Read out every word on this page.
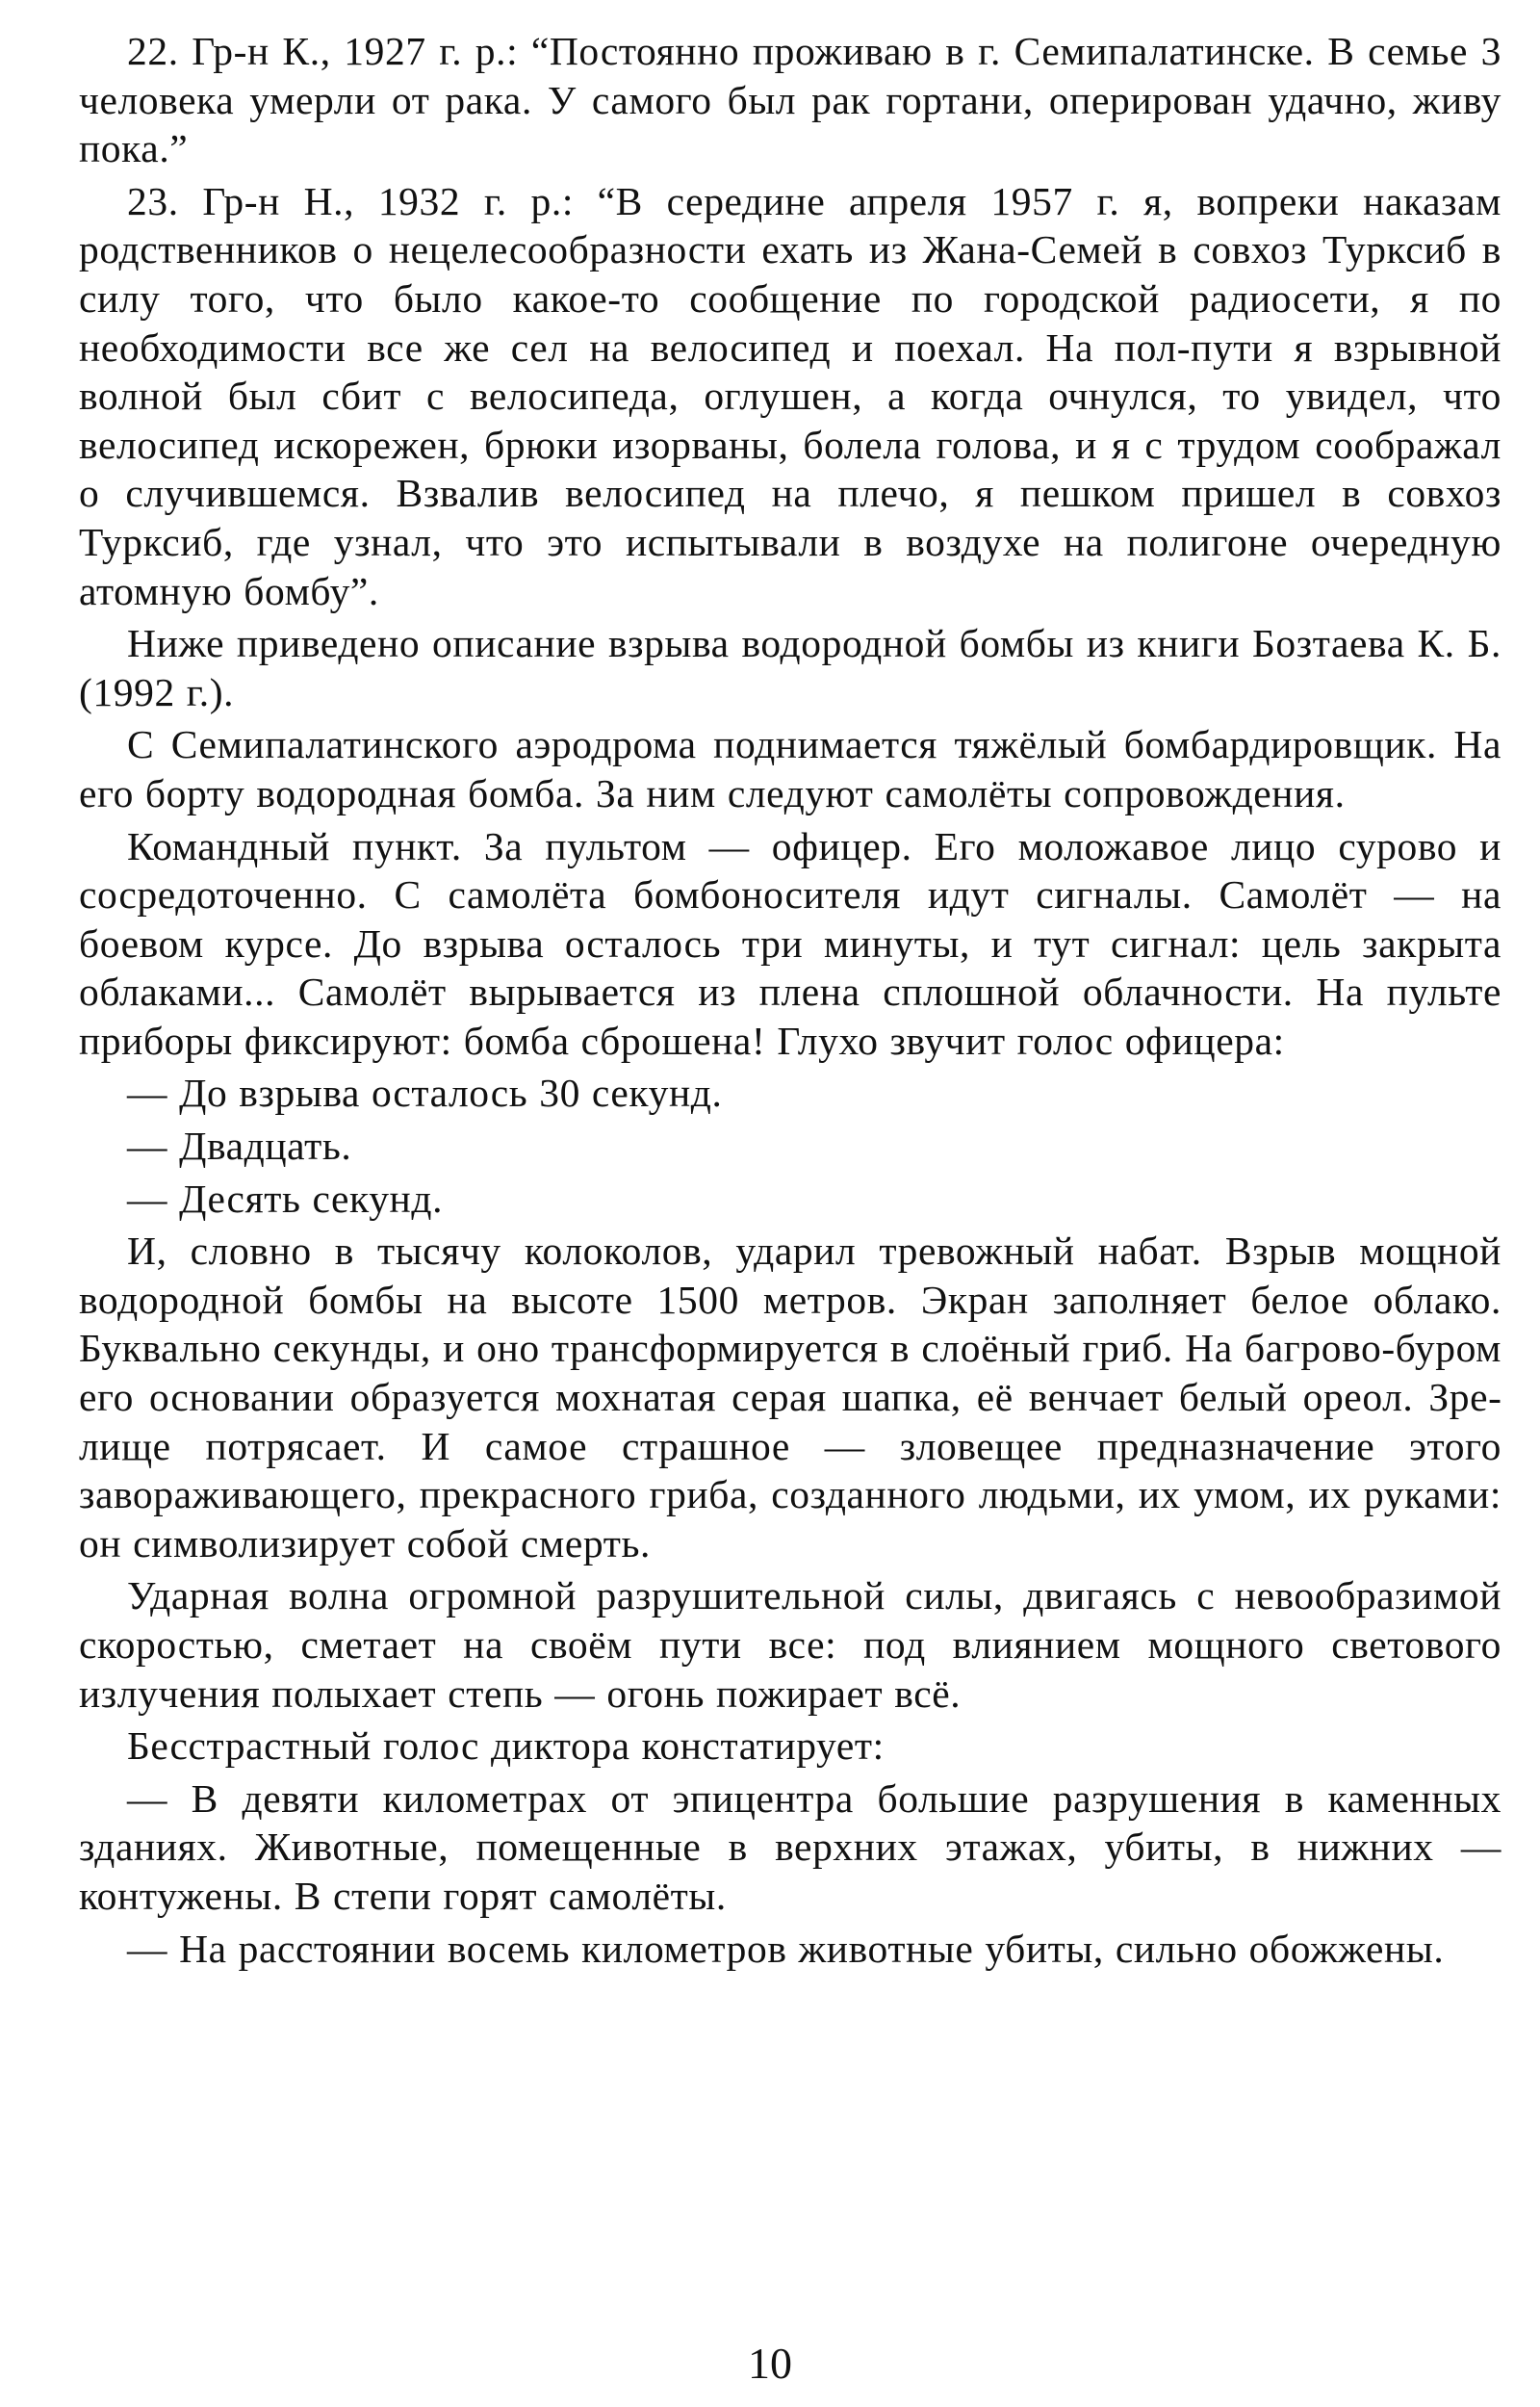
22. Гр-н К., 1927 г. р.: “Постоянно проживаю в г. Семипалатинске. В семье 3 человека умерли от рака. У самого был рак гортани, оперирован удачно, живу пока.”

23. Гр-н Н., 1932 г. р.: “В середине апреля 1957 г. я, вопреки наказам родственников о нецелесообразности ехать из Жана-Семей в совхоз Турксиб в силу того, что было какое-то сообщение по городской радиосети, я по необходимости все же сел на велосипед и поехал. На пол-пути я взрывной волной был сбит с велосипеда, оглушен, а когда очнулся, то увидел, что велосипед искорежен, брюки изорваны, болела голова, и я с трудом соображал о случившемся. Взвалив велосипед на плечо, я пешком пришел в совхоз Турксиб, где узнал, что это испытывали в воздухе на полигоне очередную атомную бомбу”.

Ниже приведено описание взрыва водородной бомбы из книги Бозтаева К. Б. (1992 г.).

С Семипалатинского аэродрома поднимается тяжёлый бомбардировщик. На его борту водородная бомба. За ним следуют самолёты сопровождения.

Командный пункт. За пультом — офицер. Его моложавое лицо сурово и сосредоточенно. С самолёта бомбоносителя идут сигналы. Самолёт — на боевом курсе. До взрыва осталось три минуты, и тут сигнал: цель закрыта облаками... Самолёт вырывается из плена сплошной облачности. На пульте приборы фиксируют: бомба сброшена! Глухо звучит голос офицера:

— До взрыва осталось 30 секунд.

— Двадцать.

— Десять секунд.

И, словно в тысячу колоколов, ударил тревожный набат. Взрыв мощной водородной бомбы на высоте 1500 метров. Экран заполняет белое облако. Буквально секунды, и оно трансформируется в слоёный гриб. На багрово-буром его основании образуется мохнатая серая шапка, её венчает белый ореол. Зрелище потрясает. И самое страшное — зловещее предназначение этого завораживающего, прекрасного гриба, созданного людьми, их умом, их руками: он символизирует собой смерть.

Ударная волна огромной разрушительной силы, двигаясь с невообразимой скоростью, сметает на своём пути все: под влиянием мощного светового излучения полыхает степь — огонь пожирает всё.

Бесстрастный голос диктора констатирует:

— В девяти километрах от эпицентра большие разрушения в каменных зданиях. Животные, помещенные в верхних этажах, убиты, в нижних — контужены. В степи горят самолёты.

— На расстоянии восемь километров животные убиты, сильно обожжены.

10
